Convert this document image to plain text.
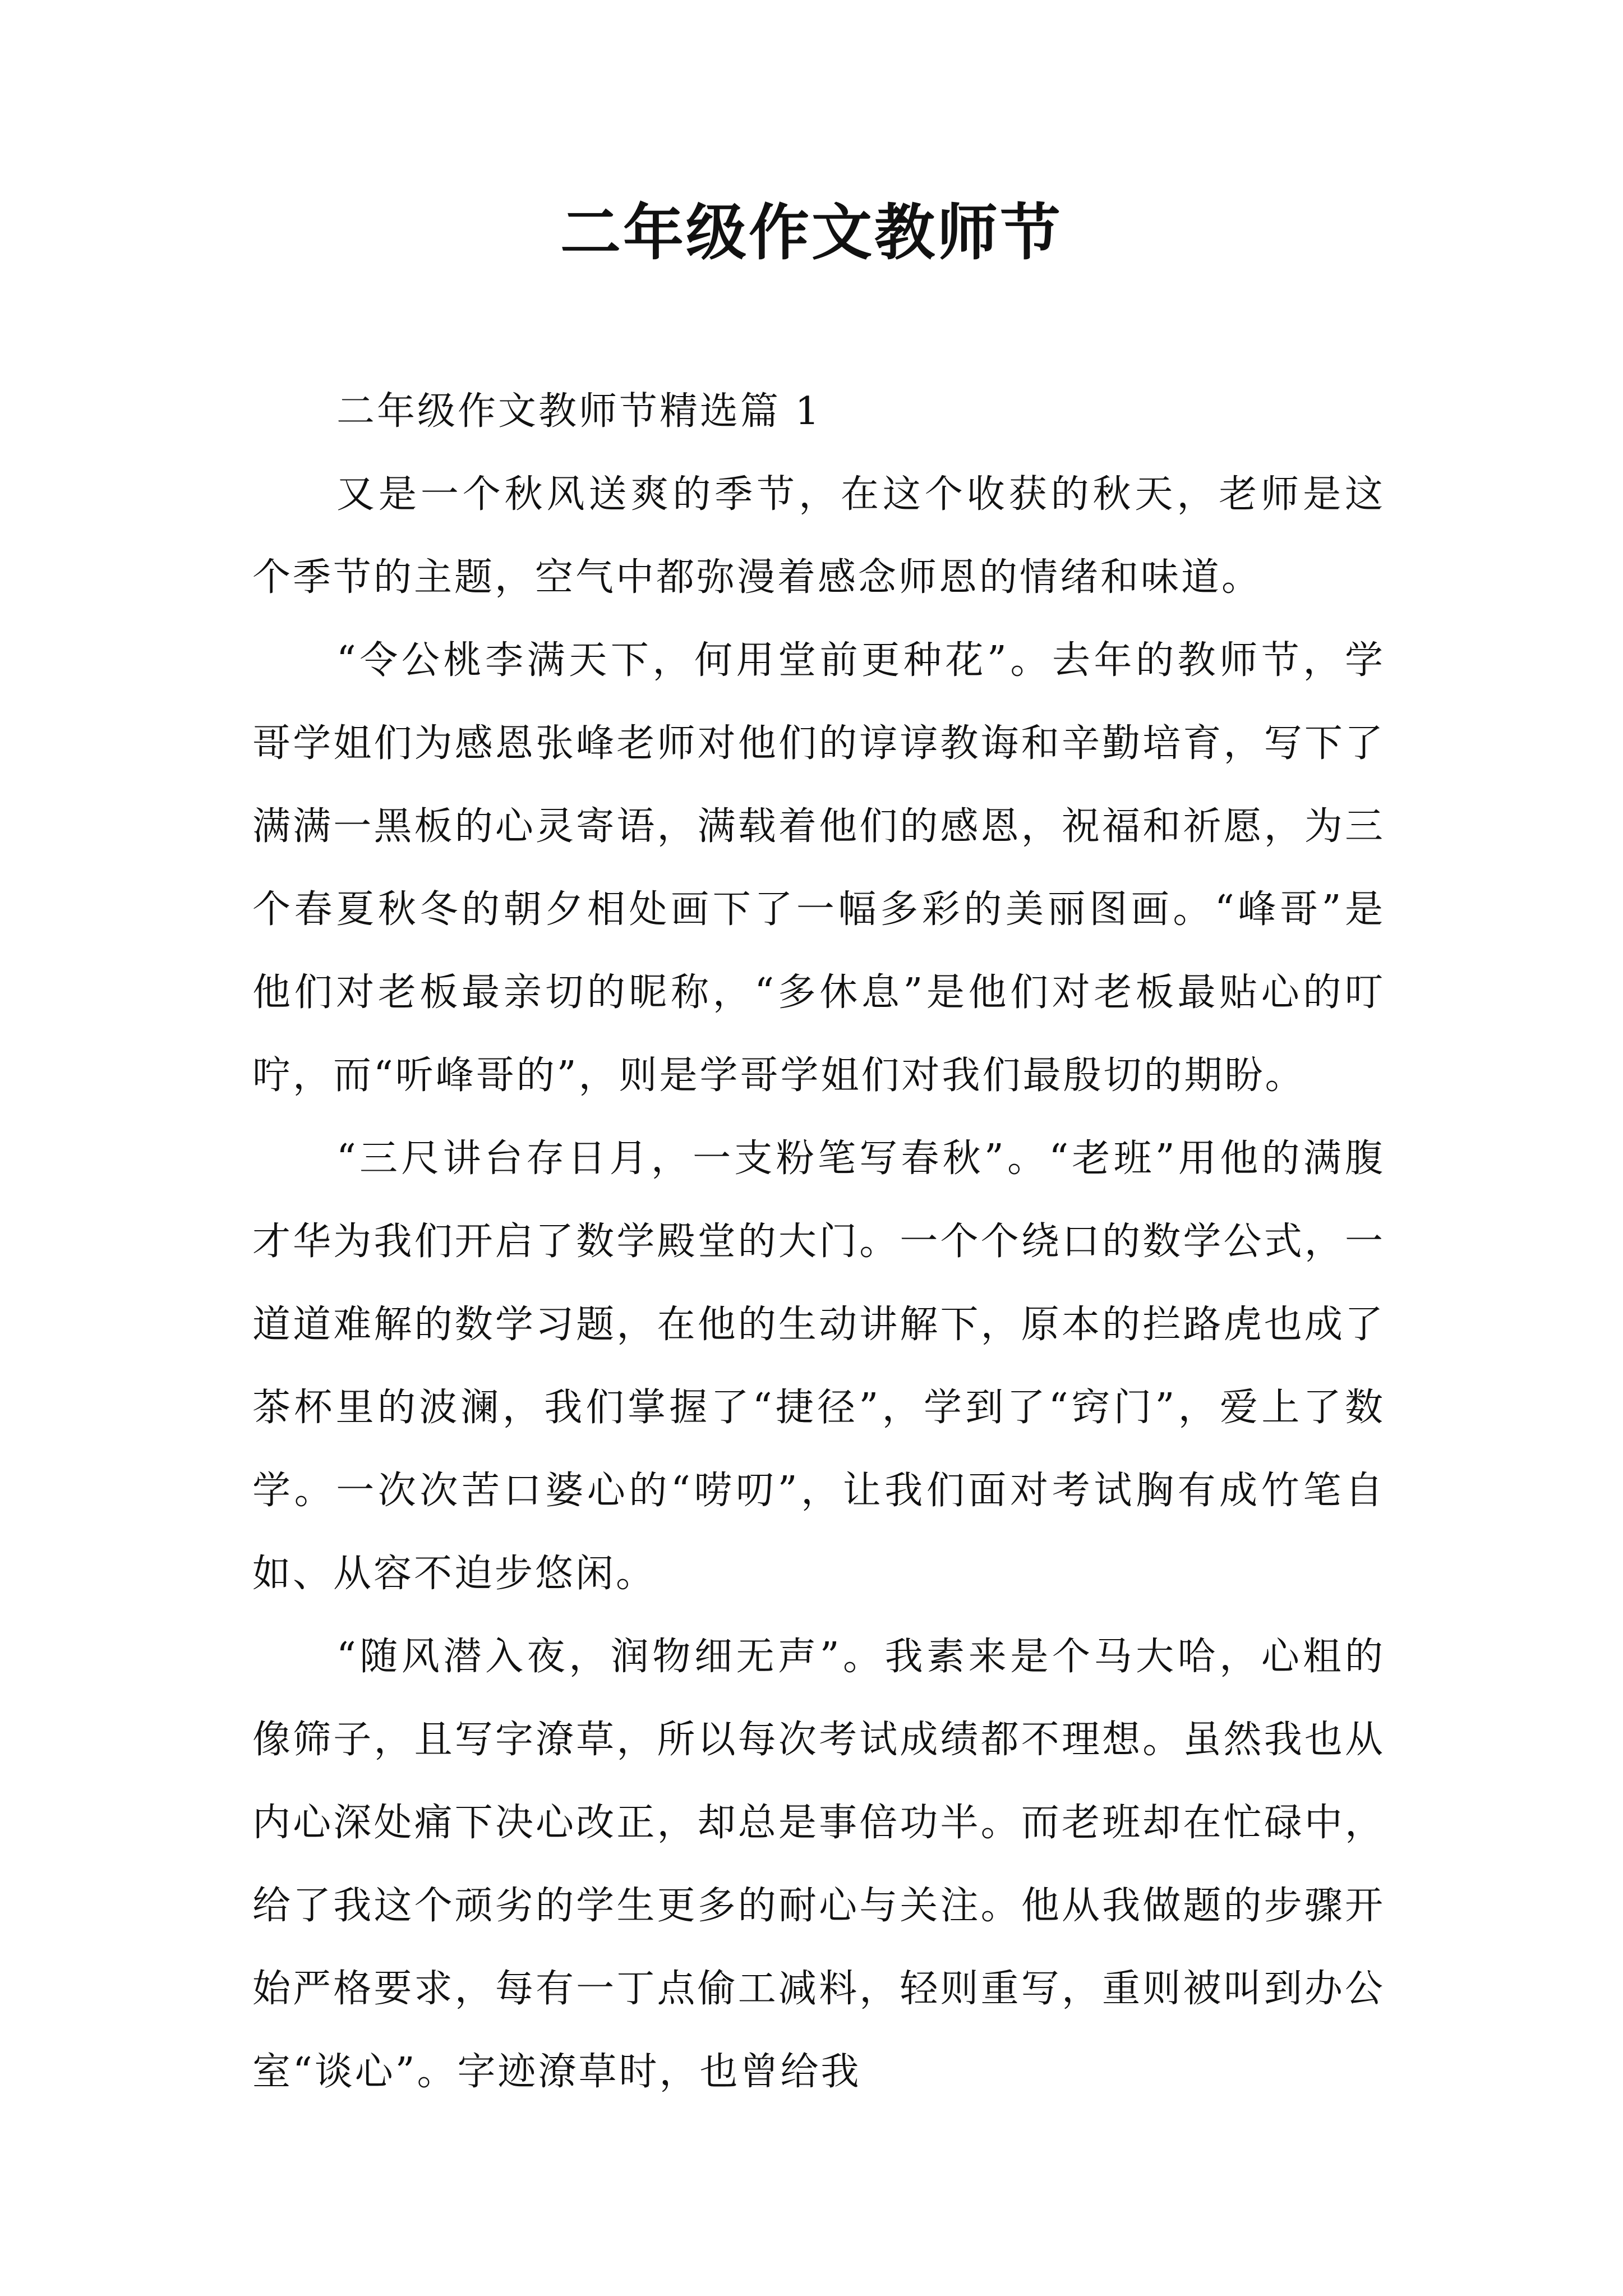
二年级作文教师节

二年级作文教师节精选篇 1

又是一个秋风送爽的季节，在这个收获的秋天，老师是这个季节的主题，空气中都弥漫着感念师恩的情绪和味道。

“令公桃李满天下，何用堂前更种花”。去年的教师节，学哥学姐们为感恩张峰老师对他们的谆谆教诲和辛勤培育，写下了满满一黑板的心灵寄语，满载着他们的感恩，祝福和祈愿，为三个春夏秋冬的朝夕相处画下了一幅多彩的美丽图画。“峰哥”是他们对老板最亲切的昵称，“多休息”是他们对老板最贴心的叮咛，而“听峰哥的”，则是学哥学姐们对我们最殷切的期盼。

“三尺讲台存日月，一支粉笔写春秋”。“老班”用他的满腹才华为我们开启了数学殿堂的大门。一个个绕口的数学公式，一道道难解的数学习题，在他的生动讲解下，原本的拦路虎也成了茶杯里的波澜，我们掌握了“捷径”，学到了“窍门”，爱上了数学。一次次苦口婆心的“唠叨”，让我们面对考试胸有成竹笔自如、从容不迫步悠闲。

“随风潜入夜，润物细无声”。我素来是个马大哈，心粗的像筛子，且写字潦草，所以每次考试成绩都不理想。虽然我也从内心深处痛下决心改正，却总是事倍功半。而老班却在忙碌中，给了我这个顽劣的学生更多的耐心与关注。他从我做题的步骤开始严格要求，每有一丁点偷工减料，轻则重写，重则被叫到办公室“谈心”。字迹潦草时，也曾给我
